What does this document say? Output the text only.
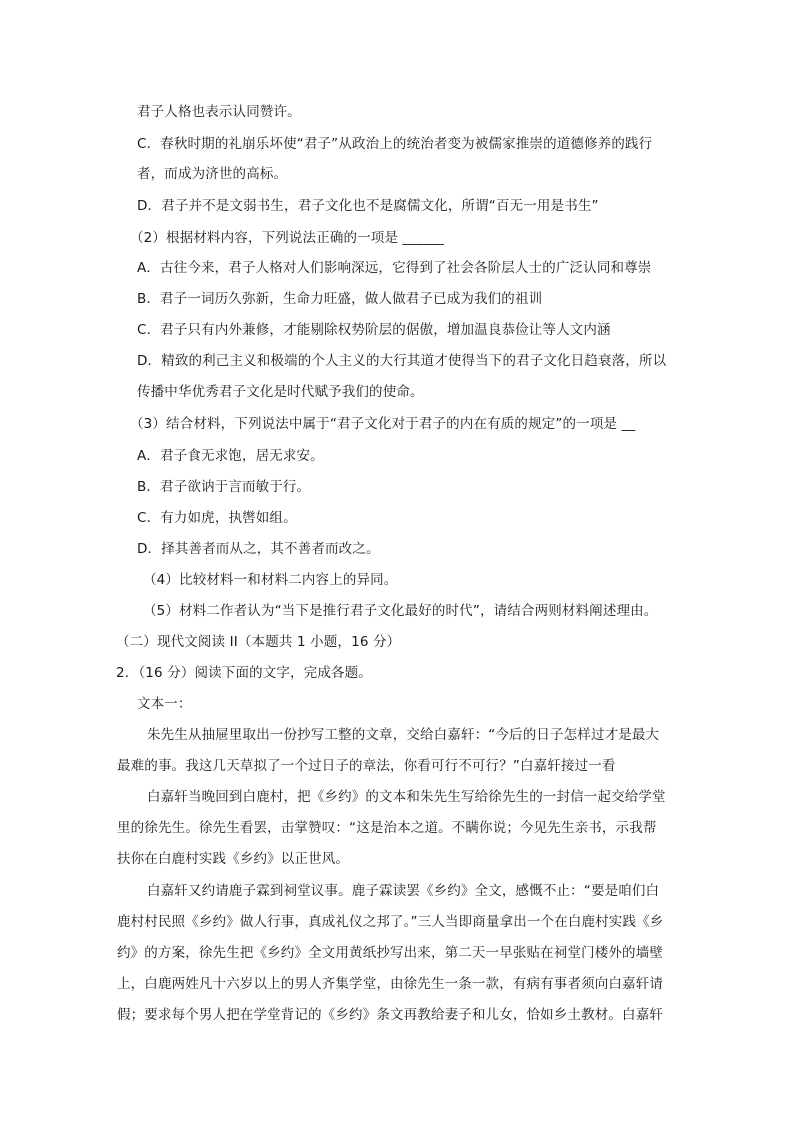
君子人格也表示认同赞许。
C．春秋时期的礼崩乐坏使“君子”从政治上的统治者变为被儒家推崇的道德修养的践行
者，而成为济世的高标。
D．君子并不是文弱书生，君子文化也不是腐儒文化，所谓“百无一用是书生”
（2）根据材料内容，下列说法正确的一项是 ______
A．古往今来，君子人格对人们影响深远，它得到了社会各阶层人士的广泛认同和尊崇
B．君子一词历久弥新，生命力旺盛，做人做君子已成为我们的祖训
C．君子只有内外兼修，才能剔除权势阶层的倨傲，增加温良恭俭让等人文内涵
D．精致的利己主义和极端的个人主义的大行其道才使得当下的君子文化日趋衰落，所以
传播中华优秀君子文化是时代赋予我们的使命。
（3）结合材料，下列说法中属于“君子文化对于君子的内在有质的规定”的一项是 __
A．君子食无求饱，居无求安。
B．君子欲讷于言而敏于行。
C．有力如虎，执辔如组。
D．择其善者而从之，其不善者而改之。
（4）比较材料一和材料二内容上的异同。
（5）材料二作者认为“当下是推行君子文化最好的时代”，请结合两则材料阐述理由。
（二）现代文阅读 II（本题共 1 小题，16 分）
2．（16 分）阅读下面的文字，完成各题。
文本一：
朱先生从抽屉里取出一份抄写工整的文章，交给白嘉轩：“今后的日子怎样过才是最大
最难的事。我这几天草拟了一个过日子的章法，你看可行不可行？”白嘉轩接过一看
白嘉轩当晚回到白鹿村，把《乡约》的文本和朱先生写给徐先生的一封信一起交给学堂
里的徐先生。徐先生看罢，击掌赞叹：“这是治本之道。不瞒你说；今见先生亲书，示我帮
扶你在白鹿村实践《乡约》以正世风。
白嘉轩又约请鹿子霖到祠堂议事。鹿子霖读罢《乡约》全文，感慨不止：“要是咱们白
鹿村村民照《乡约》做人行事，真成礼仪之邦了。”三人当即商量拿出一个在白鹿村实践《乡
约》的方案，徐先生把《乡约》全文用黄纸抄写出来，第二天一早张贴在祠堂门楼外的墙壁
上，白鹿两姓凡十六岁以上的男人齐集学堂，由徐先生一条一款，有病有事者须向白嘉轩请
假；要求每个男人把在学堂背记的《乡约》条文再教给妻子和儿女，恰如乡土教材。白嘉轩
